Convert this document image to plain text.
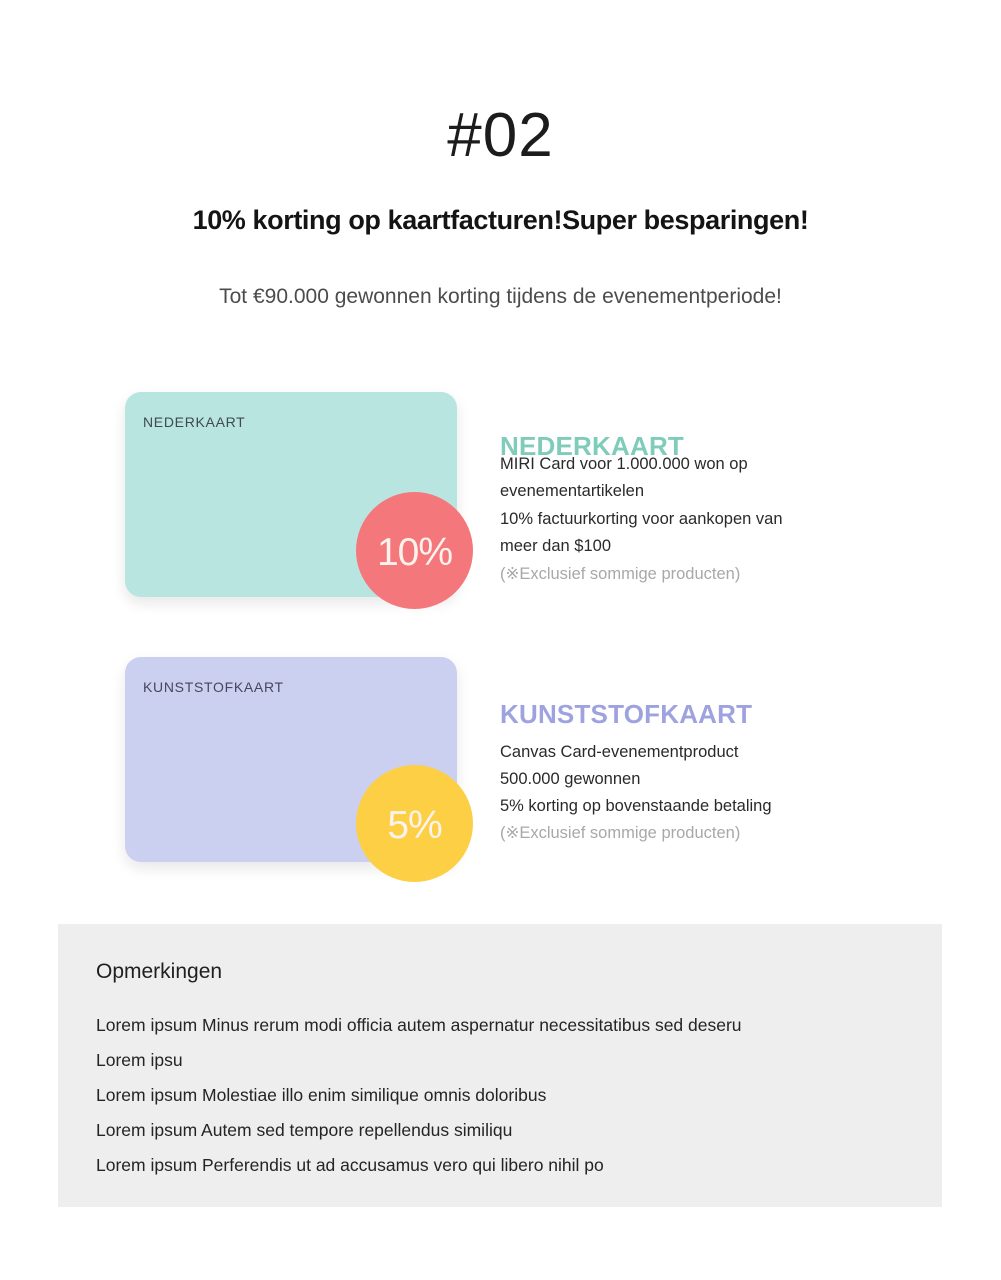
#02
10% korting op kaartfacturen!Super besparingen!
Tot €90.000 gewonnen korting tijdens de evenementperiode!
NEDERKAART
10%
NEDERKAART
MIRI Card voor 1.000.000 won op
evenementartikelen
10% factuurkorting voor aankopen van
meer dan $100
(※Exclusief sommige producten)
KUNSTSTOFKAART
5%
KUNSTSTOFKAART
Canvas Card-evenementproduct
500.000 gewonnen
5% korting op bovenstaande betaling
(※Exclusief sommige producten)
Opmerkingen
Lorem ipsum Minus rerum modi officia autem aspernatur necessitatibus sed deseru
Lorem ipsu
Lorem ipsum Molestiae illo enim similique omnis doloribus
Lorem ipsum Autem sed tempore repellendus similiqu
Lorem ipsum Perferendis ut ad accusamus vero qui libero nihil po
